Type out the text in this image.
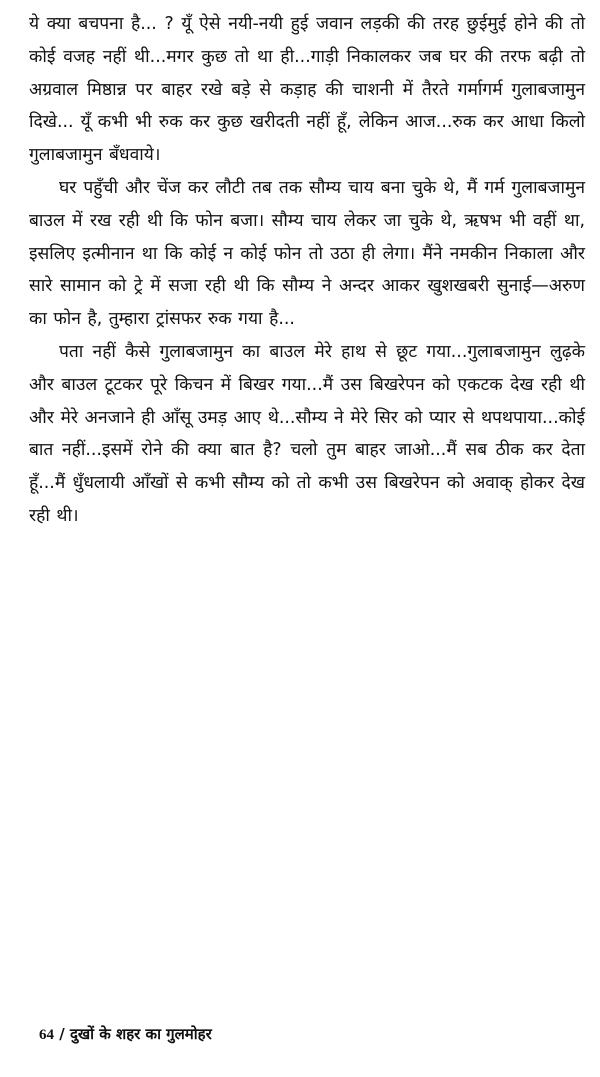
ये क्या बचपना है... ? यूँ ऐसे नयी-नयी हुई जवान लड़की की तरह छुईमुई होने की तो कोई वजह नहीं थी...मगर कुछ तो था ही...गाड़ी निकालकर जब घर की तरफ बढ़ी तो अग्रवाल मिष्ठान्न पर बाहर रखे बड़े से कड़ाह की चाशनी में तैरते गर्मागर्म गुलाबजामुन दिखे... यूँ कभी भी रुक कर कुछ खरीदती नहीं हूँ, लेकिन आज...रुक कर आधा किलो गुलाबजामुन बँधवाये।

घर पहुँची और चेंज कर लौटी तब तक सौम्य चाय बना चुके थे, मैं गर्म गुलाबजामुन बाउल में रख रही थी कि फोन बजा। सौम्य चाय लेकर जा चुके थे, ऋषभ भी वहीं था, इसलिए इत्मीनान था कि कोई न कोई फोन तो उठा ही लेगा। मैंने नमकीन निकाला और सारे सामान को ट्रे में सजा रही थी कि सौम्य ने अन्दर आकर खुशखबरी सुनाई—अरुण का फोन है, तुम्हारा ट्रांसफर रुक गया है...

पता नहीं कैसे गुलाबजामुन का बाउल मेरे हाथ से छूट गया...गुलाबजामुन लुढ़के और बाउल टूटकर पूरे किचन में बिखर गया...मैं उस बिखरेपन को एकटक देख रही थी और मेरे अनजाने ही आँसू उमड़ आए थे...सौम्य ने मेरे सिर को प्यार से थपथपाया...कोई बात नहीं...इसमें रोने की क्या बात है? चलो तुम बाहर जाओ...मैं सब ठीक कर देता हूँ...मैं धुँधलायी आँखों से कभी सौम्य को तो कभी उस बिखरेपन को अवाक् होकर देख रही थी।

64 / दुखों के शहर का गुलमोहर
